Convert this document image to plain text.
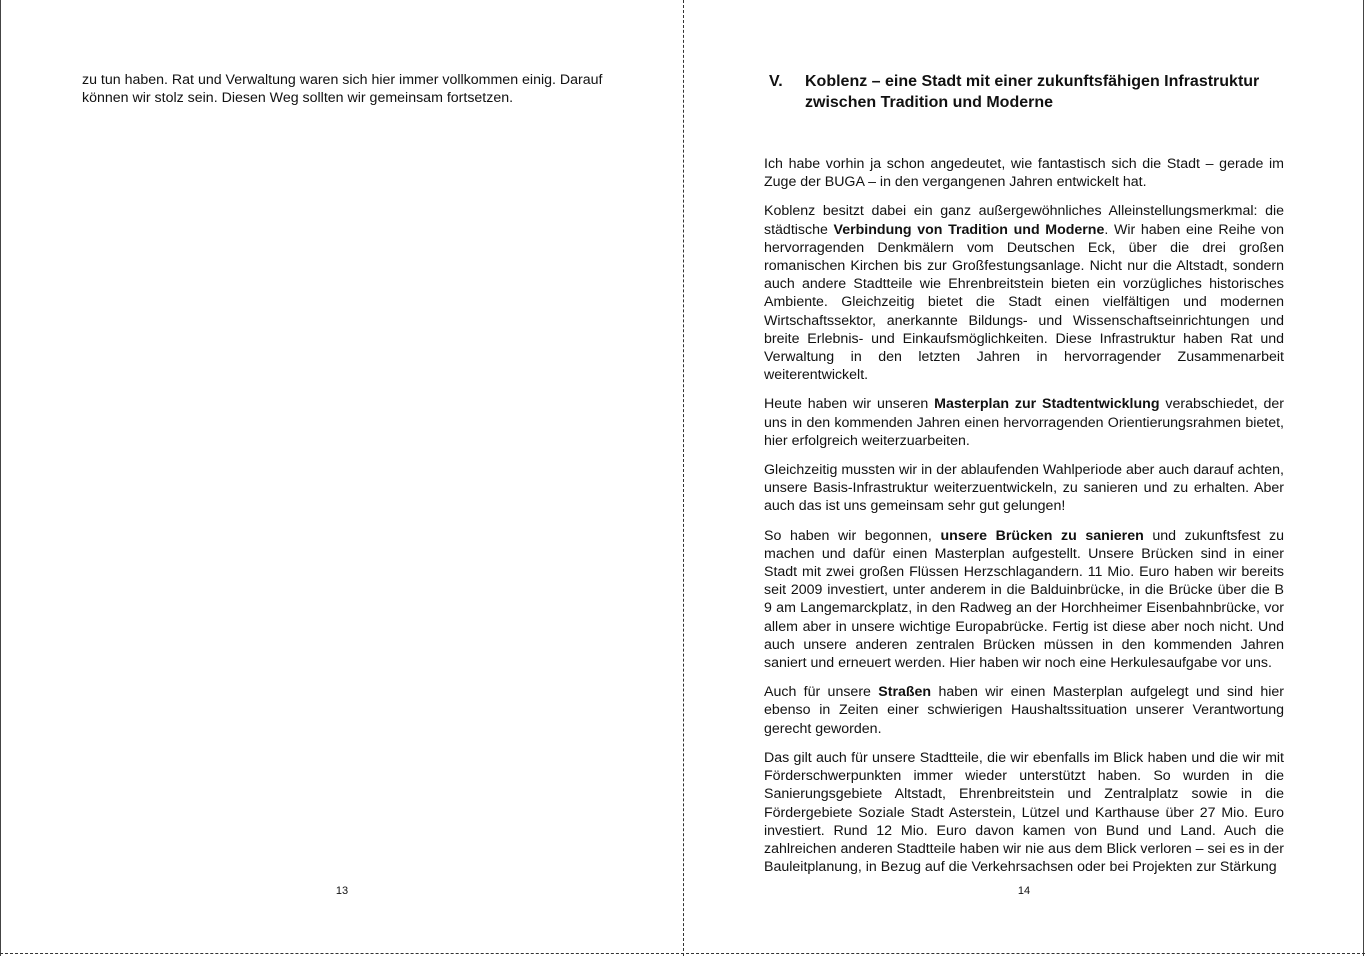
zu tun haben. Rat und Verwaltung waren sich hier immer vollkommen einig. Darauf können wir stolz sein. Diesen Weg sollten wir gemeinsam fortsetzen.

13
V. Koblenz – eine Stadt mit einer zukunftsfähigen Infrastruktur zwischen Tradition und Moderne

Ich habe vorhin ja schon angedeutet, wie fantastisch sich die Stadt – gerade im Zuge der BUGA – in den vergangenen Jahren entwickelt hat.

Koblenz besitzt dabei ein ganz außergewöhnliches Alleinstellungsmerkmal: die städtische Verbindung von Tradition und Moderne. Wir haben eine Reihe von hervorragenden Denkmälern vom Deutschen Eck, über die drei großen romanischen Kirchen bis zur Großfestungsanlage. Nicht nur die Altstadt, sondern auch andere Stadtteile wie Ehrenbreitstein bieten ein vorzügliches historisches Ambiente. Gleichzeitig bietet die Stadt einen vielfältigen und modernen Wirtschaftssektor, anerkannte Bildungs- und Wissenschaftseinrichtungen und breite Erlebnis- und Einkaufsmöglichkeiten. Diese Infrastruktur haben Rat und Verwaltung in den letzten Jahren in hervorragender Zusammenarbeit weiterentwickelt.

Heute haben wir unseren Masterplan zur Stadtentwicklung verabschiedet, der uns in den kommenden Jahren einen hervorragenden Orientierungsrahmen bietet, hier erfolgreich weiterzuarbeiten.

Gleichzeitig mussten wir in der ablaufenden Wahlperiode aber auch darauf achten, unsere Basis-Infrastruktur weiterzuentwickeln, zu sanieren und zu erhalten. Aber auch das ist uns gemeinsam sehr gut gelungen!

So haben wir begonnen, unsere Brücken zu sanieren und zukunftsfest zu machen und dafür einen Masterplan aufgestellt. Unsere Brücken sind in einer Stadt mit zwei großen Flüssen Herzschlagandern. 11 Mio. Euro haben wir bereits seit 2009 investiert, unter anderem in die Balduinbrücke, in die Brücke über die B 9 am Langemarckplatz, in den Radweg an der Horchheimer Eisenbahnbrücke, vor allem aber in unsere wichtige Europabrücke. Fertig ist diese aber noch nicht. Und auch unsere anderen zentralen Brücken müssen in den kommenden Jahren saniert und erneuert werden. Hier haben wir noch eine Herkulesaufgabe vor uns.

Auch für unsere Straßen haben wir einen Masterplan aufgelegt und sind hier ebenso in Zeiten einer schwierigen Haushaltssituation unserer Verantwortung gerecht geworden.

Das gilt auch für unsere Stadtteile, die wir ebenfalls im Blick haben und die wir mit Förderschwerpunkten immer wieder unterstützt haben. So wurden in die Sanierungsgebiete Altstadt, Ehrenbreitstein und Zentralplatz sowie in die Fördergebiete Soziale Stadt Asterstein, Lützel und Karthause über 27 Mio. Euro investiert. Rund 12 Mio. Euro davon kamen von Bund und Land. Auch die zahlreichen anderen Stadtteile haben wir nie aus dem Blick verloren – sei es in der Bauleitplanung, in Bezug auf die Verkehrsachsen oder bei Projekten zur Stärkung

14
